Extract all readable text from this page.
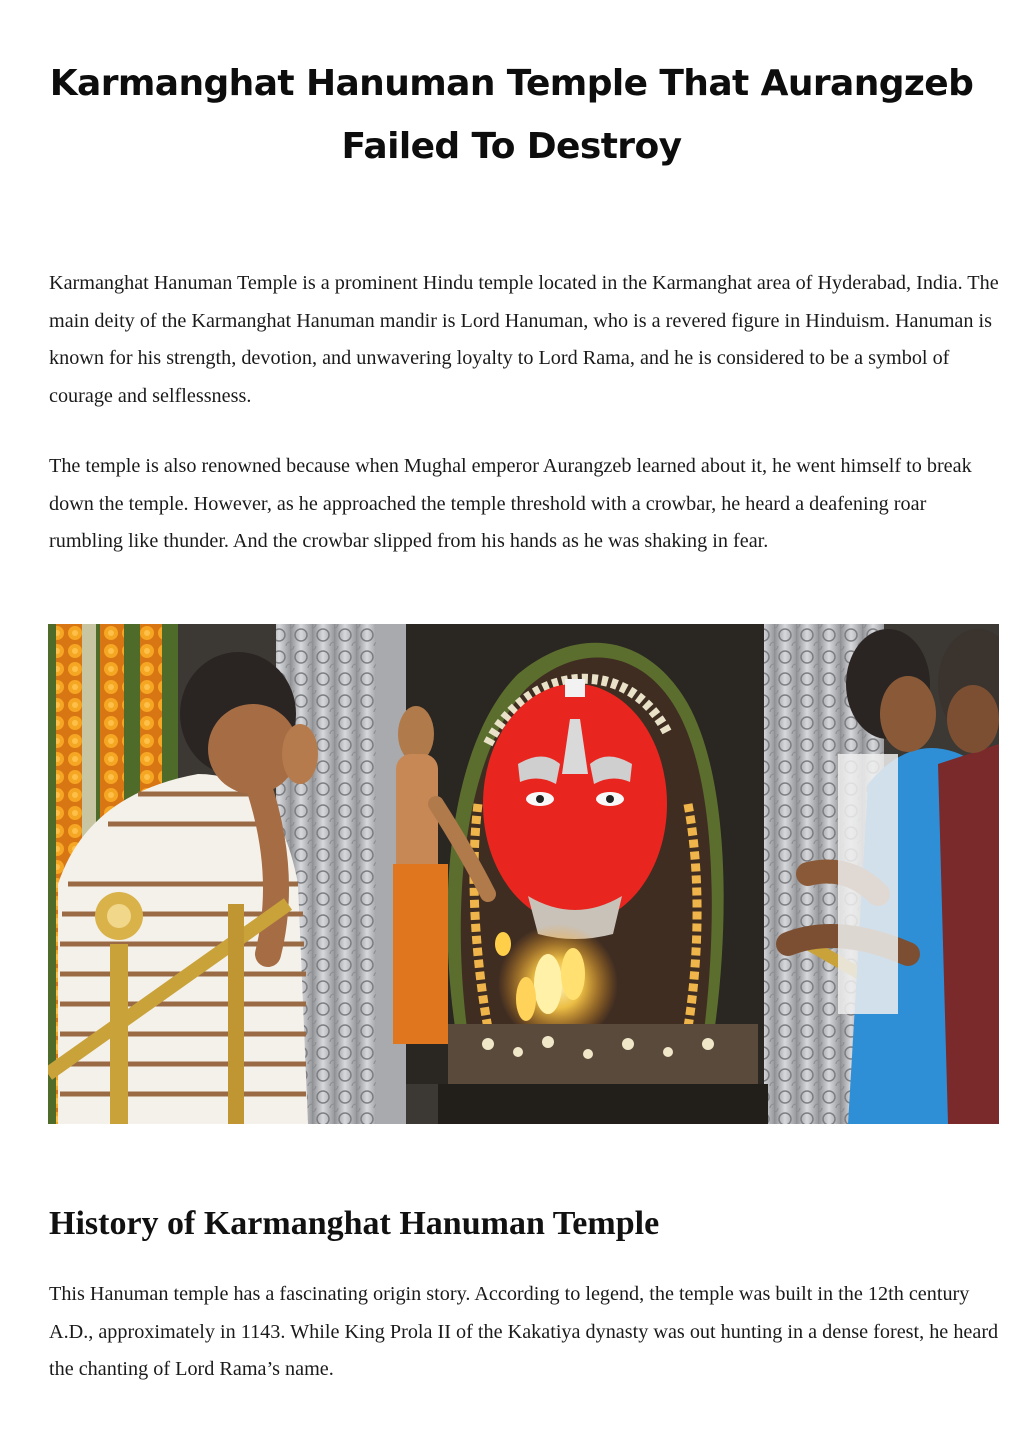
Karmanghat Hanuman Temple That Aurangzeb
Failed To Destroy

Karmanghat Hanuman Temple is a prominent Hindu temple located in the Karmanghat area of Hyderabad, India. The main deity of the Karmanghat Hanuman mandir is Lord Hanuman, who is a revered figure in Hinduism. Hanuman is known for his strength, devotion, and unwavering loyalty to Lord Rama, and he is considered to be a symbol of courage and selflessness.

The temple is also renowned because when Mughal emperor Aurangzeb learned about it, he went himself to break down the temple. However, as he approached the temple threshold with a crowbar, he heard a deafening roar rumbling like thunder. And the crowbar slipped from his hands as he was shaking in fear.

History of Karmanghat Hanuman Temple

This Hanuman temple has a fascinating origin story. According to legend, the temple was built in the 12th century A.D., approximately in 1143. While King Prola II of the Kakatiya dynasty was out hunting in a dense forest, he heard the chanting of Lord Rama’s name.
